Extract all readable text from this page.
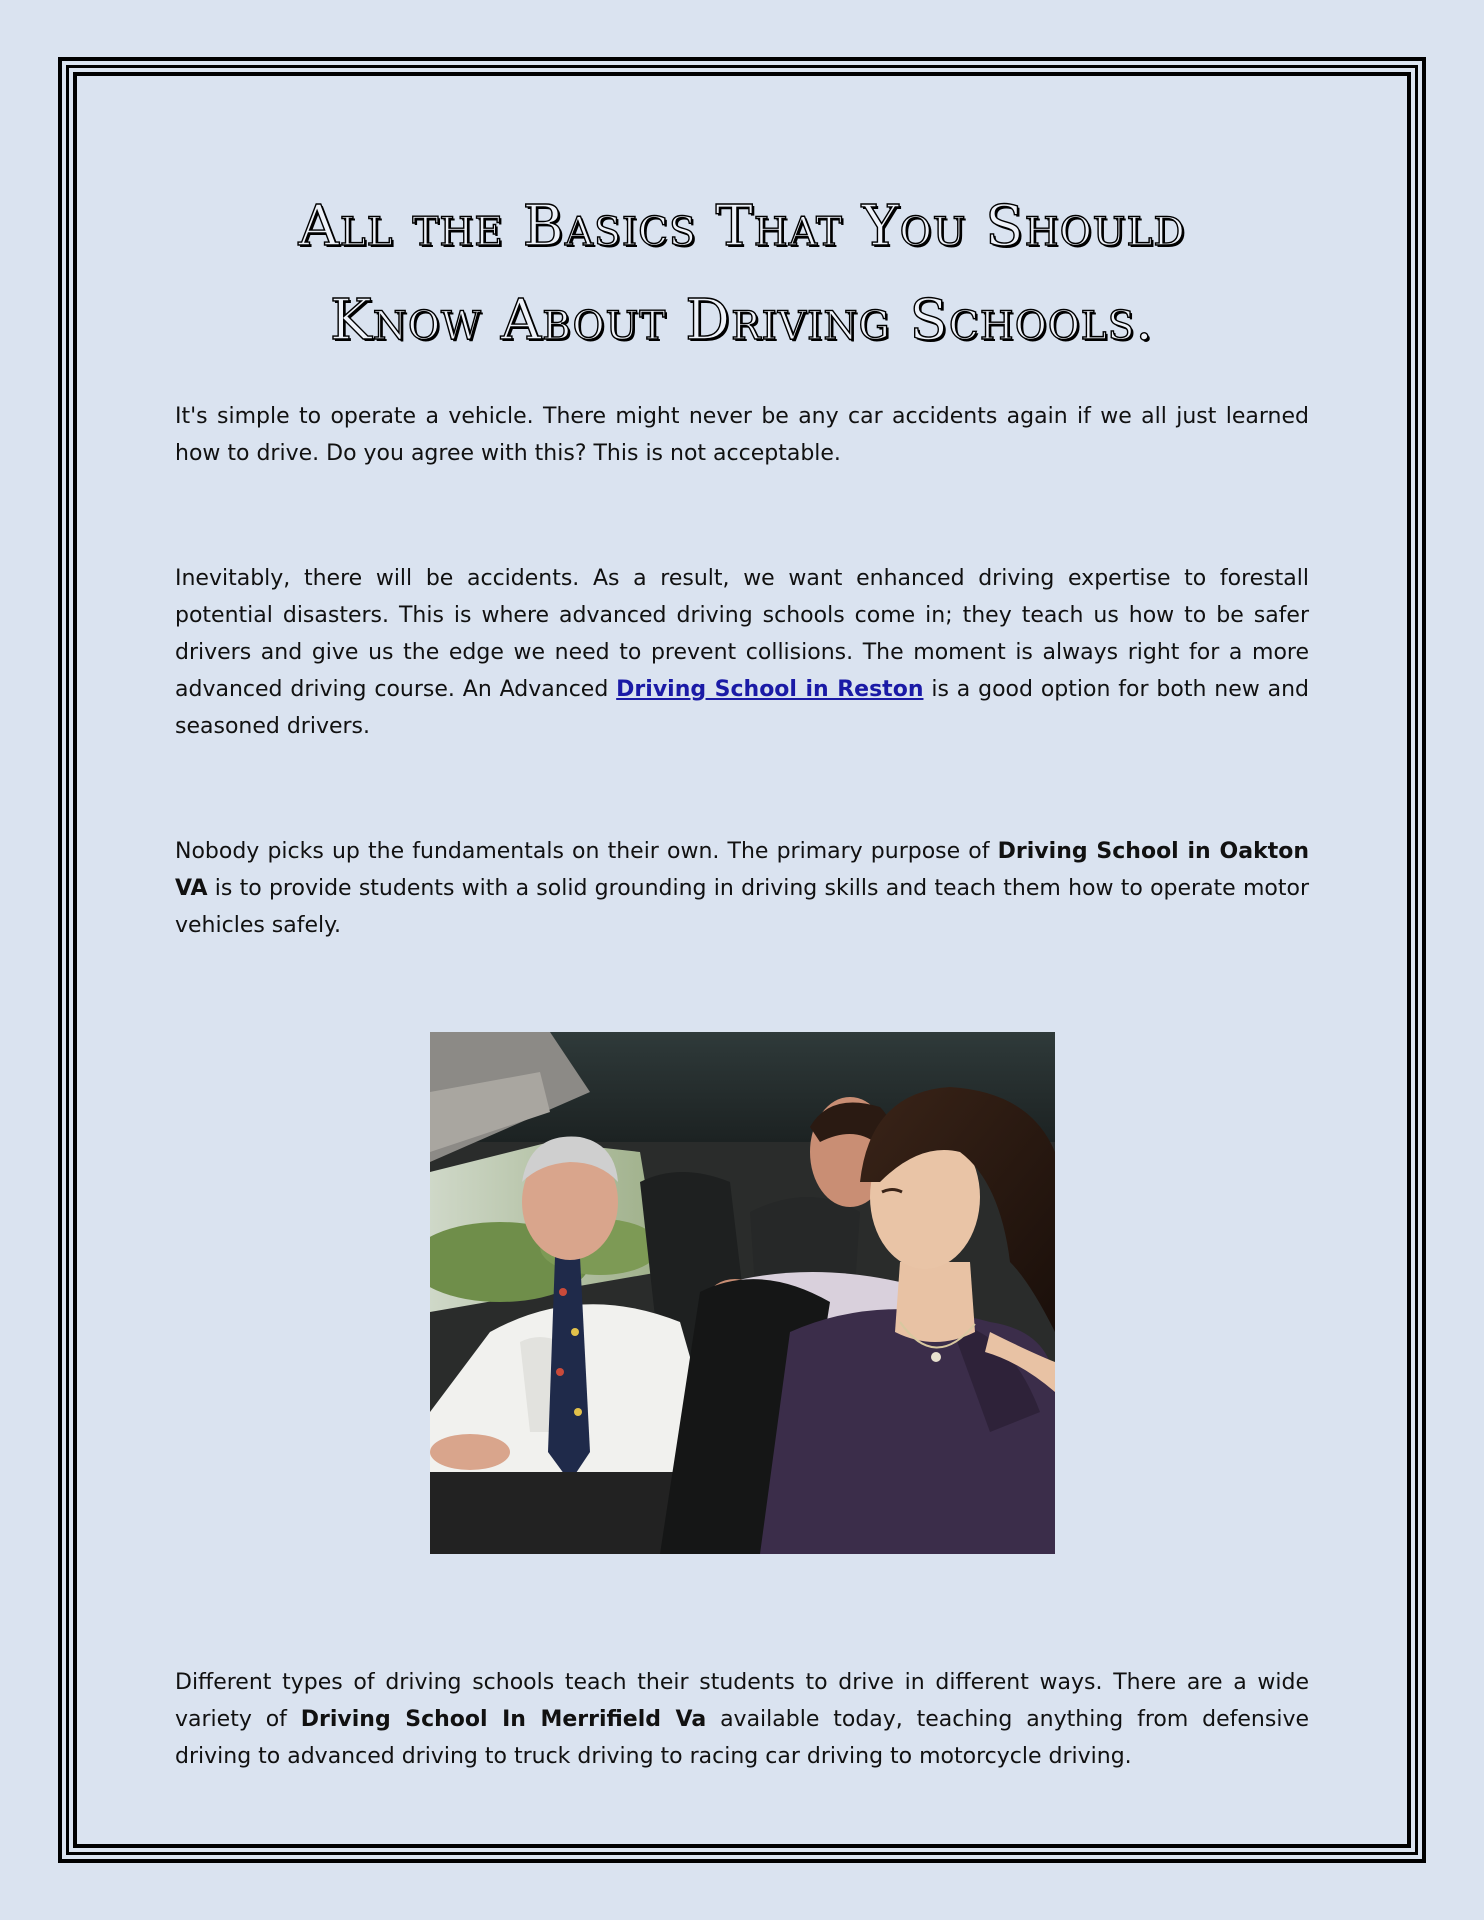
All the Basics That You Should
Know About Driving Schools.

It's simple to operate a vehicle. There might never be any car accidents again if we all just learned how to drive. Do you agree with this? This is not acceptable.

Inevitably, there will be accidents. As a result, we want enhanced driving expertise to forestall potential disasters. This is where advanced driving schools come in; they teach us how to be safer drivers and give us the edge we need to prevent collisions. The moment is always right for a more advanced driving course. An Advanced Driving School in Reston is a good option for both new and seasoned drivers.

Nobody picks up the fundamentals on their own. The primary purpose of Driving School in Oakton VA is to provide students with a solid grounding in driving skills and teach them how to operate motor vehicles safely.

Different types of driving schools teach their students to drive in different ways. There are a wide variety of Driving School In Merrifield Va available today, teaching anything from defensive driving to advanced driving to truck driving to racing car driving to motorcycle driving.
